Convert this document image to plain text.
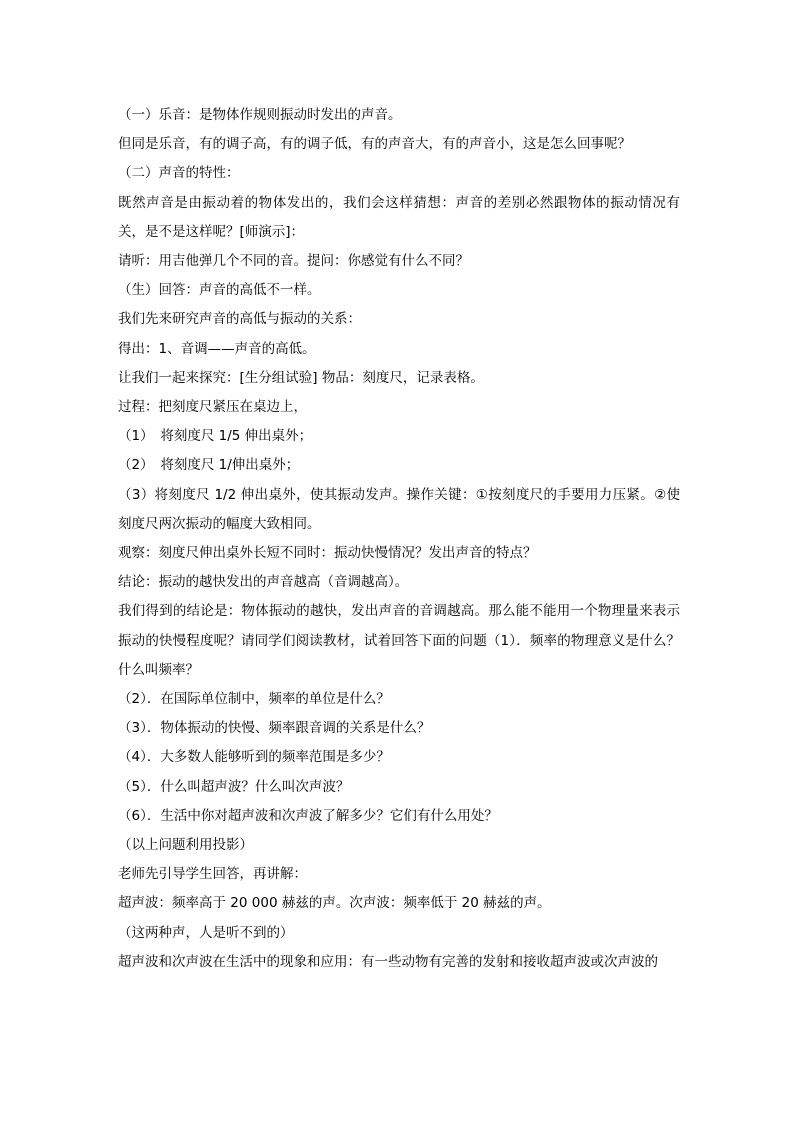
（一）乐音：是物体作规则振动时发出的声音。

但同是乐音，有的调子高，有的调子低，有的声音大，有的声音小，这是怎么回事呢？

（二）声音的特性：

既然声音是由振动着的物体发出的，我们会这样猜想：声音的差别必然跟物体的振动情况有关，是不是这样呢？[师演示]：

请听：用吉他弹几个不同的音。提问：你感觉有什么不同？

（生）回答：声音的高低不一样。

我们先来研究声音的高低与振动的关系：

得出：1、音调——声音的高低。

让我们一起来探究：[生分组试验] 物品：刻度尺，记录表格。

过程：把刻度尺紧压在桌边上，

（1）　将刻度尺 1/5 伸出桌外；

（2）　将刻度尺 1/伸出桌外；

（3）将刻度尺 1/2 伸出桌外，使其振动发声。操作关键：①按刻度尺的手要用力压紧。②使刻度尺两次振动的幅度大致相同。

观察：刻度尺伸出桌外长短不同时：振动快慢情况？发出声音的特点？

结论：振动的越快发出的声音越高（音调越高）。

我们得到的结论是：物体振动的越快，发出声音的音调越高。那么能不能用一个物理量来表示振动的快慢程度呢？请同学们阅读教材，试着回答下面的问题（1）．频率的物理意义是什么？什么叫频率？

（2）．在国际单位制中，频率的单位是什么？

（3）．物体振动的快慢、频率跟音调的关系是什么？

（4）．大多数人能够听到的频率范围是多少？

（5）．什么叫超声波？什么叫次声波？

（6）．生活中你对超声波和次声波了解多少？它们有什么用处？

（以上问题利用投影）

老师先引导学生回答，再讲解：

超声波：频率高于 20 000 赫兹的声。次声波：频率低于 20 赫兹的声。

（这两种声，人是听不到的）

超声波和次声波在生活中的现象和应用：有一些动物有完善的发射和接收超声波或次声波的
